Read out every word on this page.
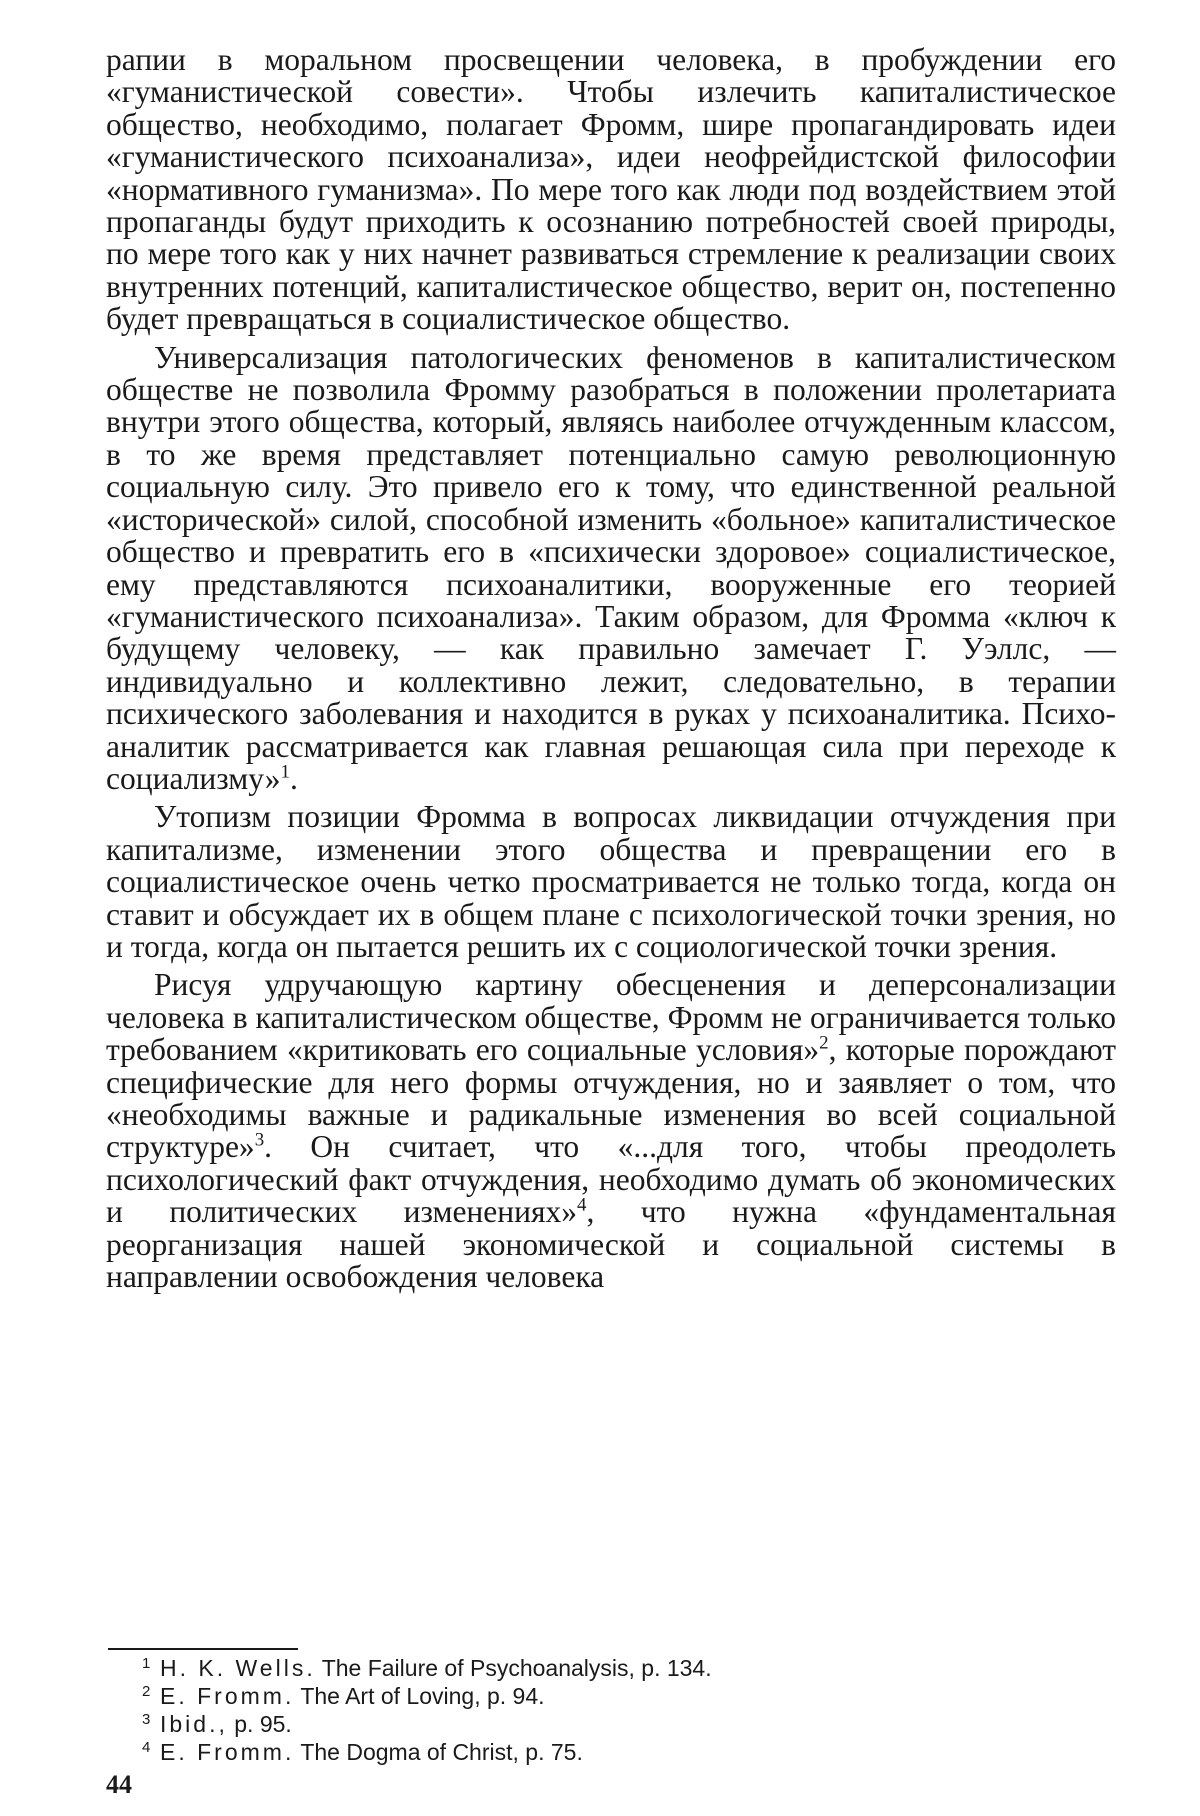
рапии в моральном просвещении человека, в пробуждении его «гуманистической совести». Чтобы излечить капиталистическое общество, необходимо, полагает Фромм, шире пропагандировать идеи «гуманистического психоанализа», идеи неофрейдистской философии «нормативного гуманизма». По мере того как люди под воздействием этой пропаганды будут приходить к осознанию потребностей своей природы, по мере того как у них начнет развиваться стремление к реализации своих внутренних потенций, капиталистическое общество, верит он, постепенно будет превращаться в социалистическое общество.

Универсализация патологических феноменов в капиталистическом обществе не позволила Фромму разобраться в положении пролетариата внутри этого общества, который, являясь наиболее отчужденным классом, в то же время представляет потенциально самую революционную социальную силу. Это привело его к тому, что единственной реальной «исторической» силой, способной изменить «больное» капиталистическое общество и превратить его в «психически здоровое» социалистическое, ему представляются психоаналитики, вооруженные его теорией «гуманистического психоанализа». Таким образом, для Фромма «ключ к будущему человеку, — как правильно замечает Г. Уэллс, — индивидуально и коллективно лежит, следовательно, в терапии психического заболевания и находится в руках у психоаналитика. Психоаналитик рассматривается как главная решающая сила при переходе к социализму»$^1$.

Утопизм позиции Фромма в вопросах ликвидации отчуждения при капитализме, изменении этого общества и превращении его в социалистическое очень четко просматривается не только тогда, когда он ставит и обсуждает их в общем плане с психологической точки зрения, но и тогда, когда он пытается решить их с социологической точки зрения.

Рисуя удручающую картину обесценения и деперсонализации человека в капиталистическом обществе, Фромм не ограничивается только требованием «критиковать его социальные условия»$^2$, которые порождают специфические для него формы отчуждения, но и заявляет о том, что «необходимы важные и радикальные изменения во всей социальной структуре»$^3$. Он считает, что «...для того, чтобы преодолеть психологический факт отчуждения, необходимо думать об экономических и политических изменениях»$^4$, что нужна «фундаментальная реорганизация нашей экономической и социальной системы в направлении освобождения человека

1 H. K. Wells. The Failure of Psychoanalysis, p. 134.
2 E. Fromm. The Art of Loving, p. 94.
3 Ibid., p. 95.
4 E. Fromm. The Dogma of Christ, p. 75.
44
